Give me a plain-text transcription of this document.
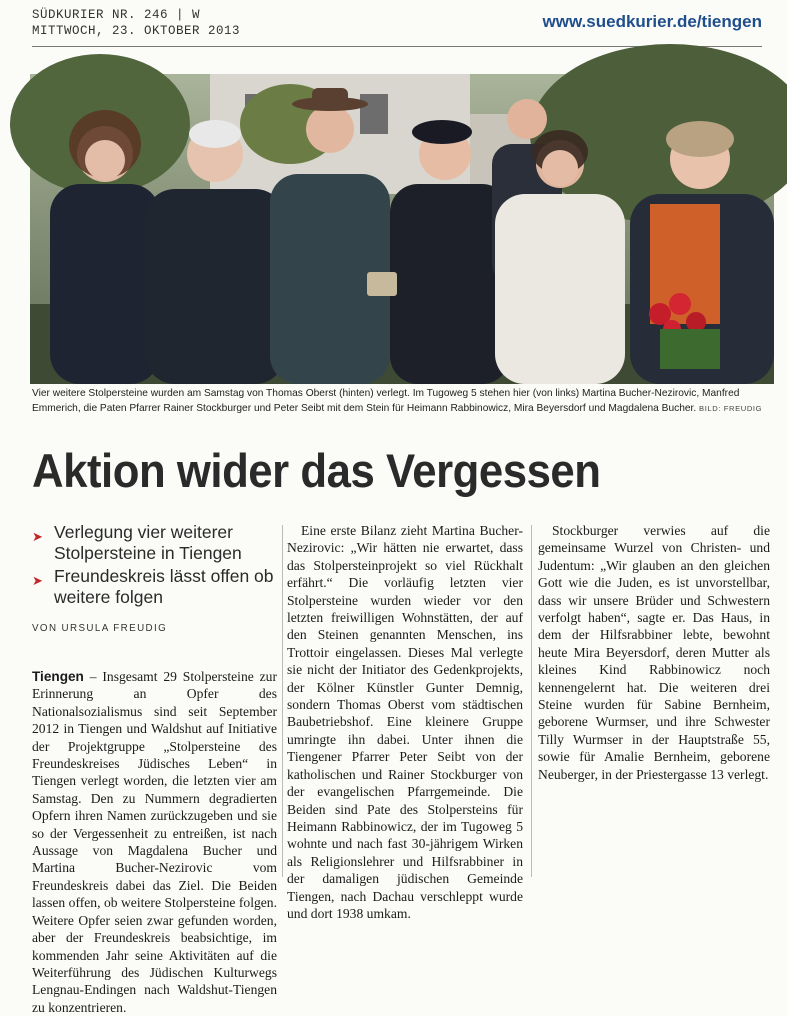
SÜDKURIER NR. 246 | W
MITTWOCH, 23. OKTOBER 2013	www.suedkurier.de/tiengen
Vier weitere Stolpersteine wurden am Samstag von Thomas Oberst (hinten) verlegt. Im Tugoweg 5 stehen hier (von links) Martina Bucher-Nezirovic, Manfred Emmerich, die Paten Pfarrer Rainer Stockburger und Peter Seibt mit dem Stein für Heimann Rabbinowicz, Mira Beyersdorf und Magdalena Bucher. BILD: FREUDIG
Aktion wider das Vergessen
➤ Verlegung vier weiterer Stolpersteine in Tiengen
➤ Freundeskreis lässt offen ob weitere folgen
VON URSULA FREUDIG

Tiengen – Insgesamt 29 Stolpersteine zur Erinnerung an Opfer des Nationalsozialismus sind seit September 2012 in Tiengen und Waldshut auf Initiative der Projektgruppe „Stolpersteine des Freundeskreises Jüdisches Leben“ in Tiengen verlegt worden, die letzten vier am Samstag. Den zu Nummern degradierten Opfern ihren Namen zurückzugeben und sie so der Vergessenheit zu entreißen, ist nach Aussage von Magdalena Bucher und Martina Bucher-Nezirovic vom Freundeskreis dabei das Ziel. Die Beiden lassen offen, ob weitere Stolpersteine folgen. Weitere Opfer seien zwar gefunden worden, aber der Freundeskreis beabsichtige, im kommenden Jahr seine Aktivitäten auf die Weiterführung des Jüdischen Kulturwegs Lengnau-Endingen nach Waldshut-Tiengen zu konzentrieren.

Eine erste Bilanz zieht Martina Bucher-Nezirovic: „Wir hätten nie erwartet, dass das Stolpersteinprojekt so viel Rückhalt erfährt.“ Die vorläufig letzten vier Stolpersteine wurden wieder vor den letzten freiwilligen Wohnstätten, der auf den Steinen genannten Menschen, ins Trottoir eingelassen. Dieses Mal verlegte sie nicht der Initiator des Gedenkprojekts, der Kölner Künstler Gunter Demnig, sondern Thomas Oberst vom städtischen Baubetriebshof. Eine kleinere Gruppe umringte ihn dabei. Unter ihnen die Tiengener Pfarrer Peter Seibt von der katholischen und Rainer Stockburger von der evangelischen Pfarrgemeinde. Die Beiden sind Pate des Stolpersteins für Heimann Rabbinowicz, der im Tugoweg 5 wohnte und nach fast 30-jährigem Wirken als Religionslehrer und Hilfsrabbiner in der damaligen jüdischen Gemeinde Tiengen, nach Dachau verschleppt wurde und dort 1938 umkam.

Stockburger verwies auf die gemeinsame Wurzel von Christen- und Judentum: „Wir glauben an den gleichen Gott wie die Juden, es ist unvorstellbar, dass wir unsere Brüder und Schwestern verfolgt haben“, sagte er. Das Haus, in dem der Hilfsrabbiner lebte, bewohnt heute Mira Beyersdorf, deren Mutter als kleines Kind Rabbinowicz noch kennengelernt hat. Die weiteren drei Steine wurden für Sabine Bernheim, geborene Wurmser, und ihre Schwester Tilly Wurmser in der Hauptstraße 55, sowie für Amalie Bernheim, geborene Neuberger, in der Priestergasse 13 verlegt.
